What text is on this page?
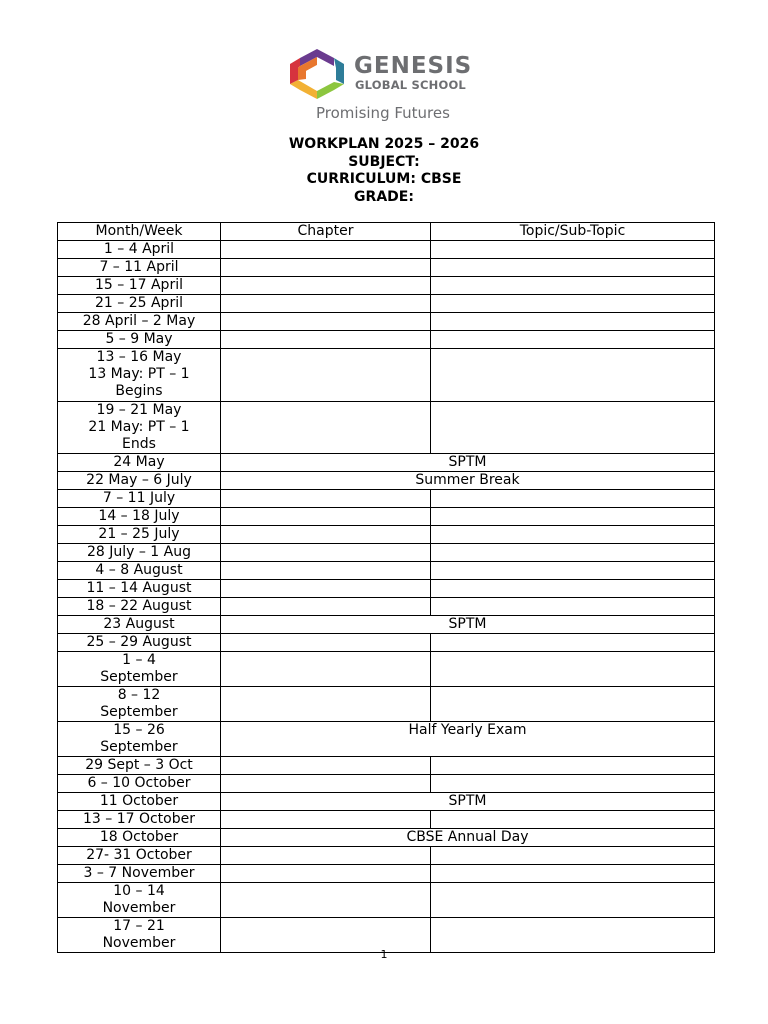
GENESIS
GLOBAL SCHOOL
Promising Futures
WORKPLAN 2025 – 2026
SUBJECT:
CURRICULUM: CBSE
GRADE:
Month/Week	Chapter	Topic/Sub-Topic
1 – 4 April		
7 – 11 April		
15 – 17 April		
21 – 25 April		
28 April – 2 May		
5 – 9 May		
13 – 16 May
13 May: PT – 1
Begins		
19 – 21 May
21 May: PT – 1
Ends		
24 May	SPTM	
22 May – 6 July	Summer Break	
7 – 11 July		
14 – 18 July		
21 – 25 July		
28 July – 1 Aug		
4 – 8 August		
11 – 14 August		
18 – 22 August		
23 August	SPTM	
25 – 29 August		
1 – 4
September		
8 – 12
September		
15 – 26
September	Half Yearly Exam	
29 Sept – 3 Oct		
6 – 10 October		
11 October	SPTM	
13 – 17 October		
18 October	CBSE Annual Day	
27- 31 October		
3 – 7 November		
10 – 14
November		
17 – 21
November		
1
